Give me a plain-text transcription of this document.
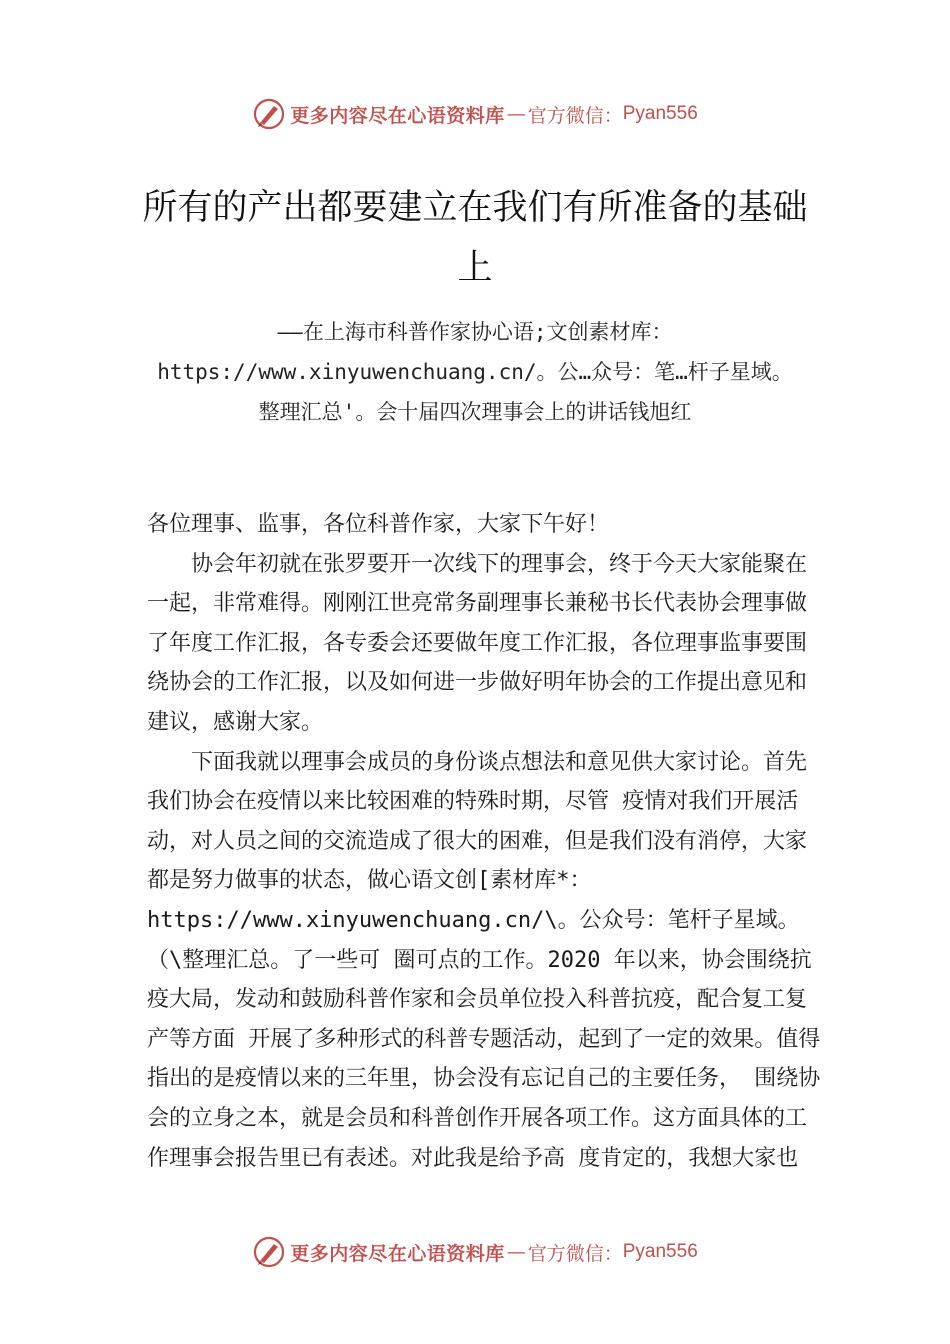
更多内容尽在心语资料库 — 官方微信： Pyan556
所有的产出都要建立在我们有所准备的基础上
——在上海市科普作家协心语;文创素材库：https://www.xinyuwenchuang.cn/。公…众号：笔…杆子星域。整理汇总'。会十届四次理事会上的讲话钱旭红

各位理事、监事，各位科普作家，大家下午好！

协会年初就在张罗要开一次线下的理事会，终于今天大家能聚在一起，非常难得。刚刚江世亮常务副理事长兼秘书长代表协会理事做了年度工作汇报，各专委会还要做年度工作汇报，各位理事监事要围绕协会的工作汇报，以及如何进一步做好明年协会的工作提出意见和建议，感谢大家。

下面我就以理事会成员的身份谈点想法和意见供大家讨论。首先我们协会在疫情以来比较困难的特殊时期，尽管 疫情对我们开展活动，对人员之间的交流造成了很大的困难，但是我们没有消停，大家都是努力做事的状态，做心语文创[素材库*：https://www.xinyuwenchuang.cn/\。公众号：笔杆子星域。（\整理汇总。了一些可 圈可点的工作。2020 年以来，协会围绕抗疫大局，发动和鼓励科普作家和会员单位投入科普抗疫，配合复工复产等方面 开展了多种形式的科普专题活动，起到了一定的效果。值得 指出的是疫情以来的三年里，协会没有忘记自己的主要任务， 围绕协会的立身之本，就是会员和科普创作开展各项工作。这方面具体的工作理事会报告里已有表述。对此我是给予高 度肯定的，我想大家也

更多内容尽在心语资料库 — 官方微信： Pyan556
